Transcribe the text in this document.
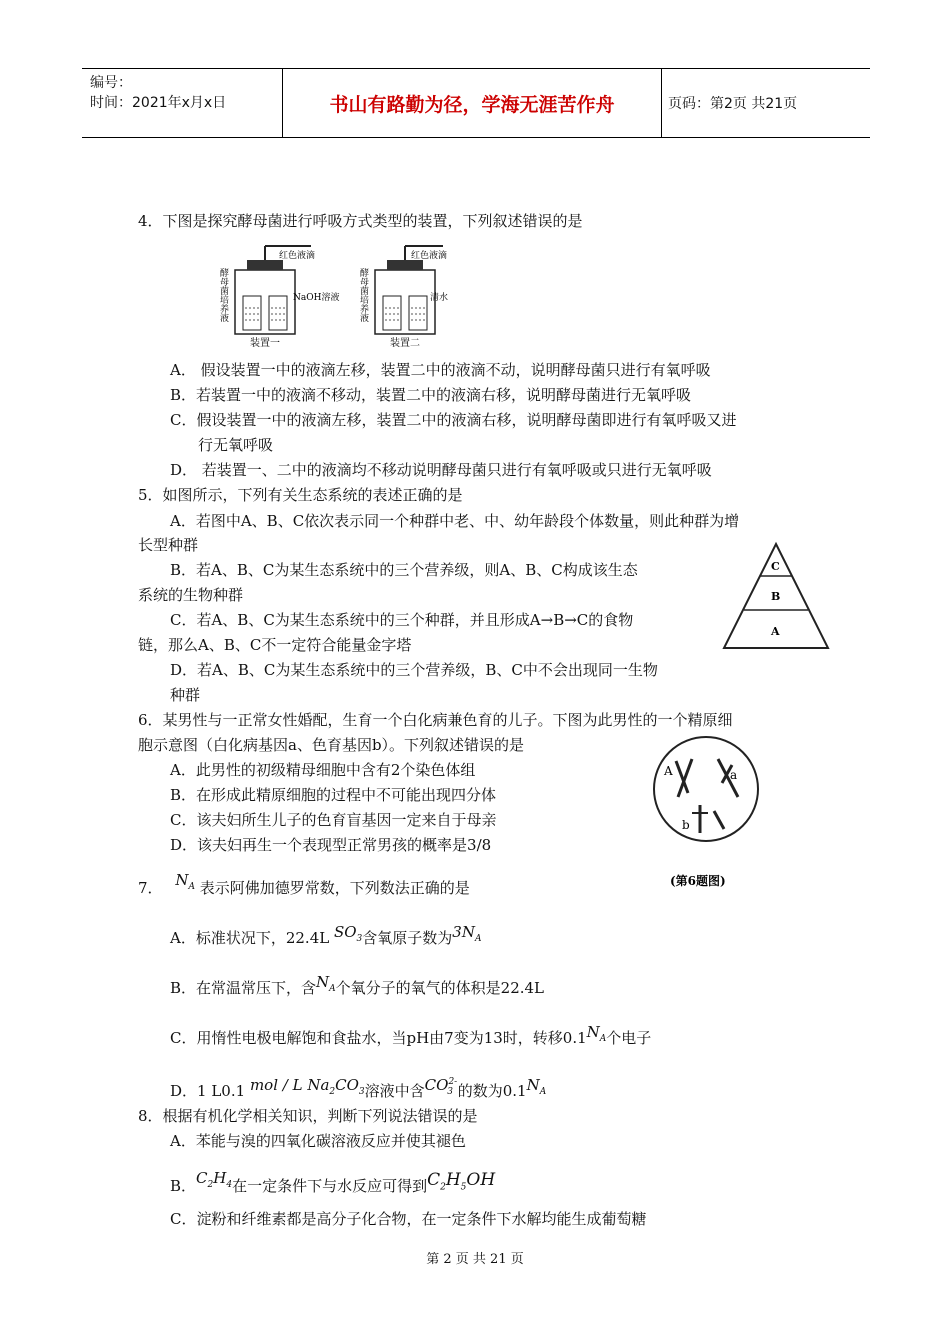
编号：
时间：2021年x月x日	书山有路勤为径，学海无涯苦作舟	页码：第2页 共21页
4．下图是探究酵母菌进行呼吸方式类型的装置，下列叙述错误的是
酵母菌培养液
红色液滴
NaOH溶液
装置一
酵母菌培养液
红色液滴
清水
装置二
A． 假设装置一中的液滴左移，装置二中的液滴不动，说明酵母菌只进行有氧呼吸
B．若装置一中的液滴不移动，装置二中的液滴右移，说明酵母菌进行无氧呼吸
C．假设装置一中的液滴左移，装置二中的液滴右移，说明酵母菌即进行有氧呼吸又进
行无氧呼吸
D． 若装置一、二中的液滴均不移动说明酵母菌只进行有氧呼吸或只进行无氧呼吸
5．如图所示，下列有关生态系统的表述正确的是
A．若图中A、B、C依次表示同一个种群中老、中、幼年龄段个体数量，则此种群为增
长型种群
B．若A、B、C为某生态系统中的三个营养级，则A、B、C构成该生态
系统的生物种群
C．若A、B、C为某生态系统中的三个种群，并且形成A→B→C的食物
链，那么A、B、C不一定符合能量金字塔
D．若A、B、C为某生态系统中的三个营养级，B、C中不会出现同一生物
种群
C
B
A
6．某男性与一正常女性婚配，生育一个白化病兼色育的儿子。下图为此男性的一个精原细
胞示意图（白化病基因a、色育基因b）。下列叙述错误的是
A．此男性的初级精母细胞中含有2个染色体组
B．在形成此精原细胞的过程中不可能出现四分体
C．该夫妇所生儿子的色育盲基因一定来自于母亲
D．该夫妇再生一个表现型正常男孩的概率是3/8
A	a
b
(第6题图)
7． $N_A$ 表示阿佛加德罗常数，下列数法正确的是
A．标准状况下，22.4L $SO_3$含氧原子数为$3N_A$
B．在常温常压下，含$N_A$个氧分子的氧气的体积是22.4L
C．用惰性电极电解饱和食盐水，当pH由7变为13时，转移$0.1N_A$个电子
D．1 L0.1 mol / L $Na_2CO_3$溶液中含$CO^{2-}_3$ 的数为$0.1N_A$
8．根据有机化学相关知识，判断下列说法错误的是
A．苯能与溴的四氧化碳溶液反应并使其褪色
B．$C_2H_4$在一定条件下与水反应可得到$C_2H_5OH$
C．淀粉和纤维素都是高分子化合物，在一定条件下水解均能生成葡萄糖
第 2 页 共 21 页
